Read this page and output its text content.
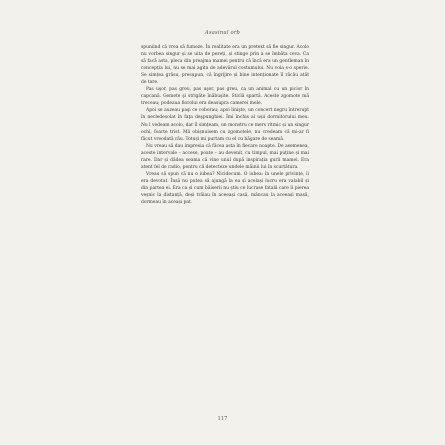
Asasinul orb

spuniind că vrea să fumeze. În realitate era un pretext să fie singur. Acolo nu vorbea singur și se uita de pereți, și stinge prin a se îmbăta ceva. Ca să facă asta, pleca din preajma mamei pentru că încă era un gentleman în concepția lui, nu se mai agita de adevărul costumului. Nu voia s-o sperie. Se simțea grăsu, presupun, că îngrijire și bine intenționate îl răcău atât de tare.

Pas uşor, pas greu, pas uşor, pas greu, ca un animal cu un picior în capcană. Gemete şi strigăte înăbuşite. Sticlă spartă. Aceste zgomote mă treceau; podeaua fiorolui era deasupra camerei mele.

Apoi se auzeau paşi ce coborau; apoi linişte, un concert negru întrerupt în necledesolat în faţa deşpunghiei. Îmi închis al ușii dormitorului meu. Nu l vedeam acolo, dar îl simțeam, un monstru ce mers ritmic și un singur ochi, foarte trist. Mă obișnuisem cu zgomotele, nu credeam că mi-ar fi făcut vreodată rău. Totuși mi purtam cu el cu băgare de seamă.

Nu vreau să dau impresia că făcea asta în fiecare noapte. De asemenea, aceste intervale – accese, poate – au devenit, cu timpul, mai puține și mai rare. Dar și dădea seama că vine unul după inspirația gurii mamei. Era atent fel de radio, pentru că detecteze undele mâinii lui în scurtătura.

Vreau să spun că nu o iubea? Nicidecum. O iubea: în unele privințe, îi era devotat. Însă nu putea să ajungă la ea și același lucru era valabil și din partea ei. Era ca și cum băiserii nu știu ce lucrase fatală care îi pierea veșnic la distanță, deși trăiau în aceeași casă, mâncau la aceeași masă, dormeau în aceași pat.

117
